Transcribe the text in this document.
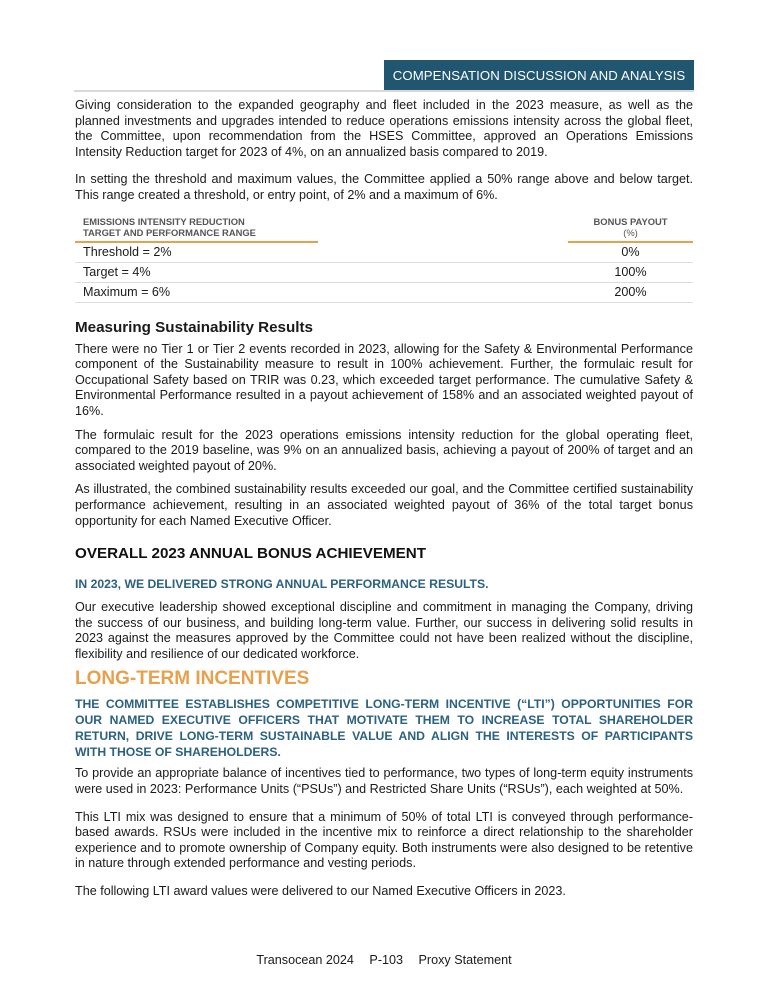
COMPENSATION DISCUSSION AND ANALYSIS

Giving consideration to the expanded geography and fleet included in the 2023 measure, as well as the planned investments and upgrades intended to reduce operations emissions intensity across the global fleet, the Committee, upon recommendation from the HSES Committee, approved an Operations Emissions Intensity Reduction target for 2023 of 4%, on an annualized basis compared to 2019.

In setting the threshold and maximum values, the Committee applied a 50% range above and below target. This range created a threshold, or entry point, of 2% and a maximum of 6%.

EMISSIONS INTENSITY REDUCTION
TARGET AND PERFORMANCE RANGE

BONUS PAYOUT
(%)

Threshold = 2%		0%
Target = 4%		100%
Maximum = 6%		200%
Measuring Sustainability Results

There were no Tier 1 or Tier 2 events recorded in 2023, allowing for the Safety & Environmental Performance component of the Sustainability measure to result in 100% achievement. Further, the formulaic result for Occupational Safety based on TRIR was 0.23, which exceeded target performance. The cumulative Safety & Environmental Performance resulted in a payout achievement of 158% and an associated weighted payout of 16%.

The formulaic result for the 2023 operations emissions intensity reduction for the global operating fleet, compared to the 2019 baseline, was 9% on an annualized basis, achieving a payout of 200% of target and an associated weighted payout of 20%.

As illustrated, the combined sustainability results exceeded our goal, and the Committee certified sustainability performance achievement, resulting in an associated weighted payout of 36% of the total target bonus opportunity for each Named Executive Officer.

OVERALL 2023 ANNUAL BONUS ACHIEVEMENT
IN 2023, WE DELIVERED STRONG ANNUAL PERFORMANCE RESULTS.

Our executive leadership showed exceptional discipline and commitment in managing the Company, driving the success of our business, and building long-term value. Further, our success in delivering solid results in 2023 against the measures approved by the Committee could not have been realized without the discipline, flexibility and resilience of our dedicated workforce.

LONG-TERM INCENTIVES
THE COMMITTEE ESTABLISHES COMPETITIVE LONG-TERM INCENTIVE (“LTI”) OPPORTUNITIES FOR OUR NAMED EXECUTIVE OFFICERS THAT MOTIVATE THEM TO INCREASE TOTAL SHAREHOLDER RETURN, DRIVE LONG-TERM SUSTAINABLE VALUE AND ALIGN THE INTERESTS OF PARTICIPANTS WITH THOSE OF SHAREHOLDERS.

To provide an appropriate balance of incentives tied to performance, two types of long-term equity instruments were used in 2023: Performance Units (“PSUs”) and Restricted Share Units (“RSUs”), each weighted at 50%.

This LTI mix was designed to ensure that a minimum of 50% of total LTI is conveyed through performance-based awards. RSUs were included in the incentive mix to reinforce a direct relationship to the shareholder experience and to promote ownership of Company equity. Both instruments were also designed to be retentive in nature through extended performance and vesting periods.

The following LTI award values were delivered to our Named Executive Officers in 2023.

Transocean 2024 P-103 Proxy Statement
